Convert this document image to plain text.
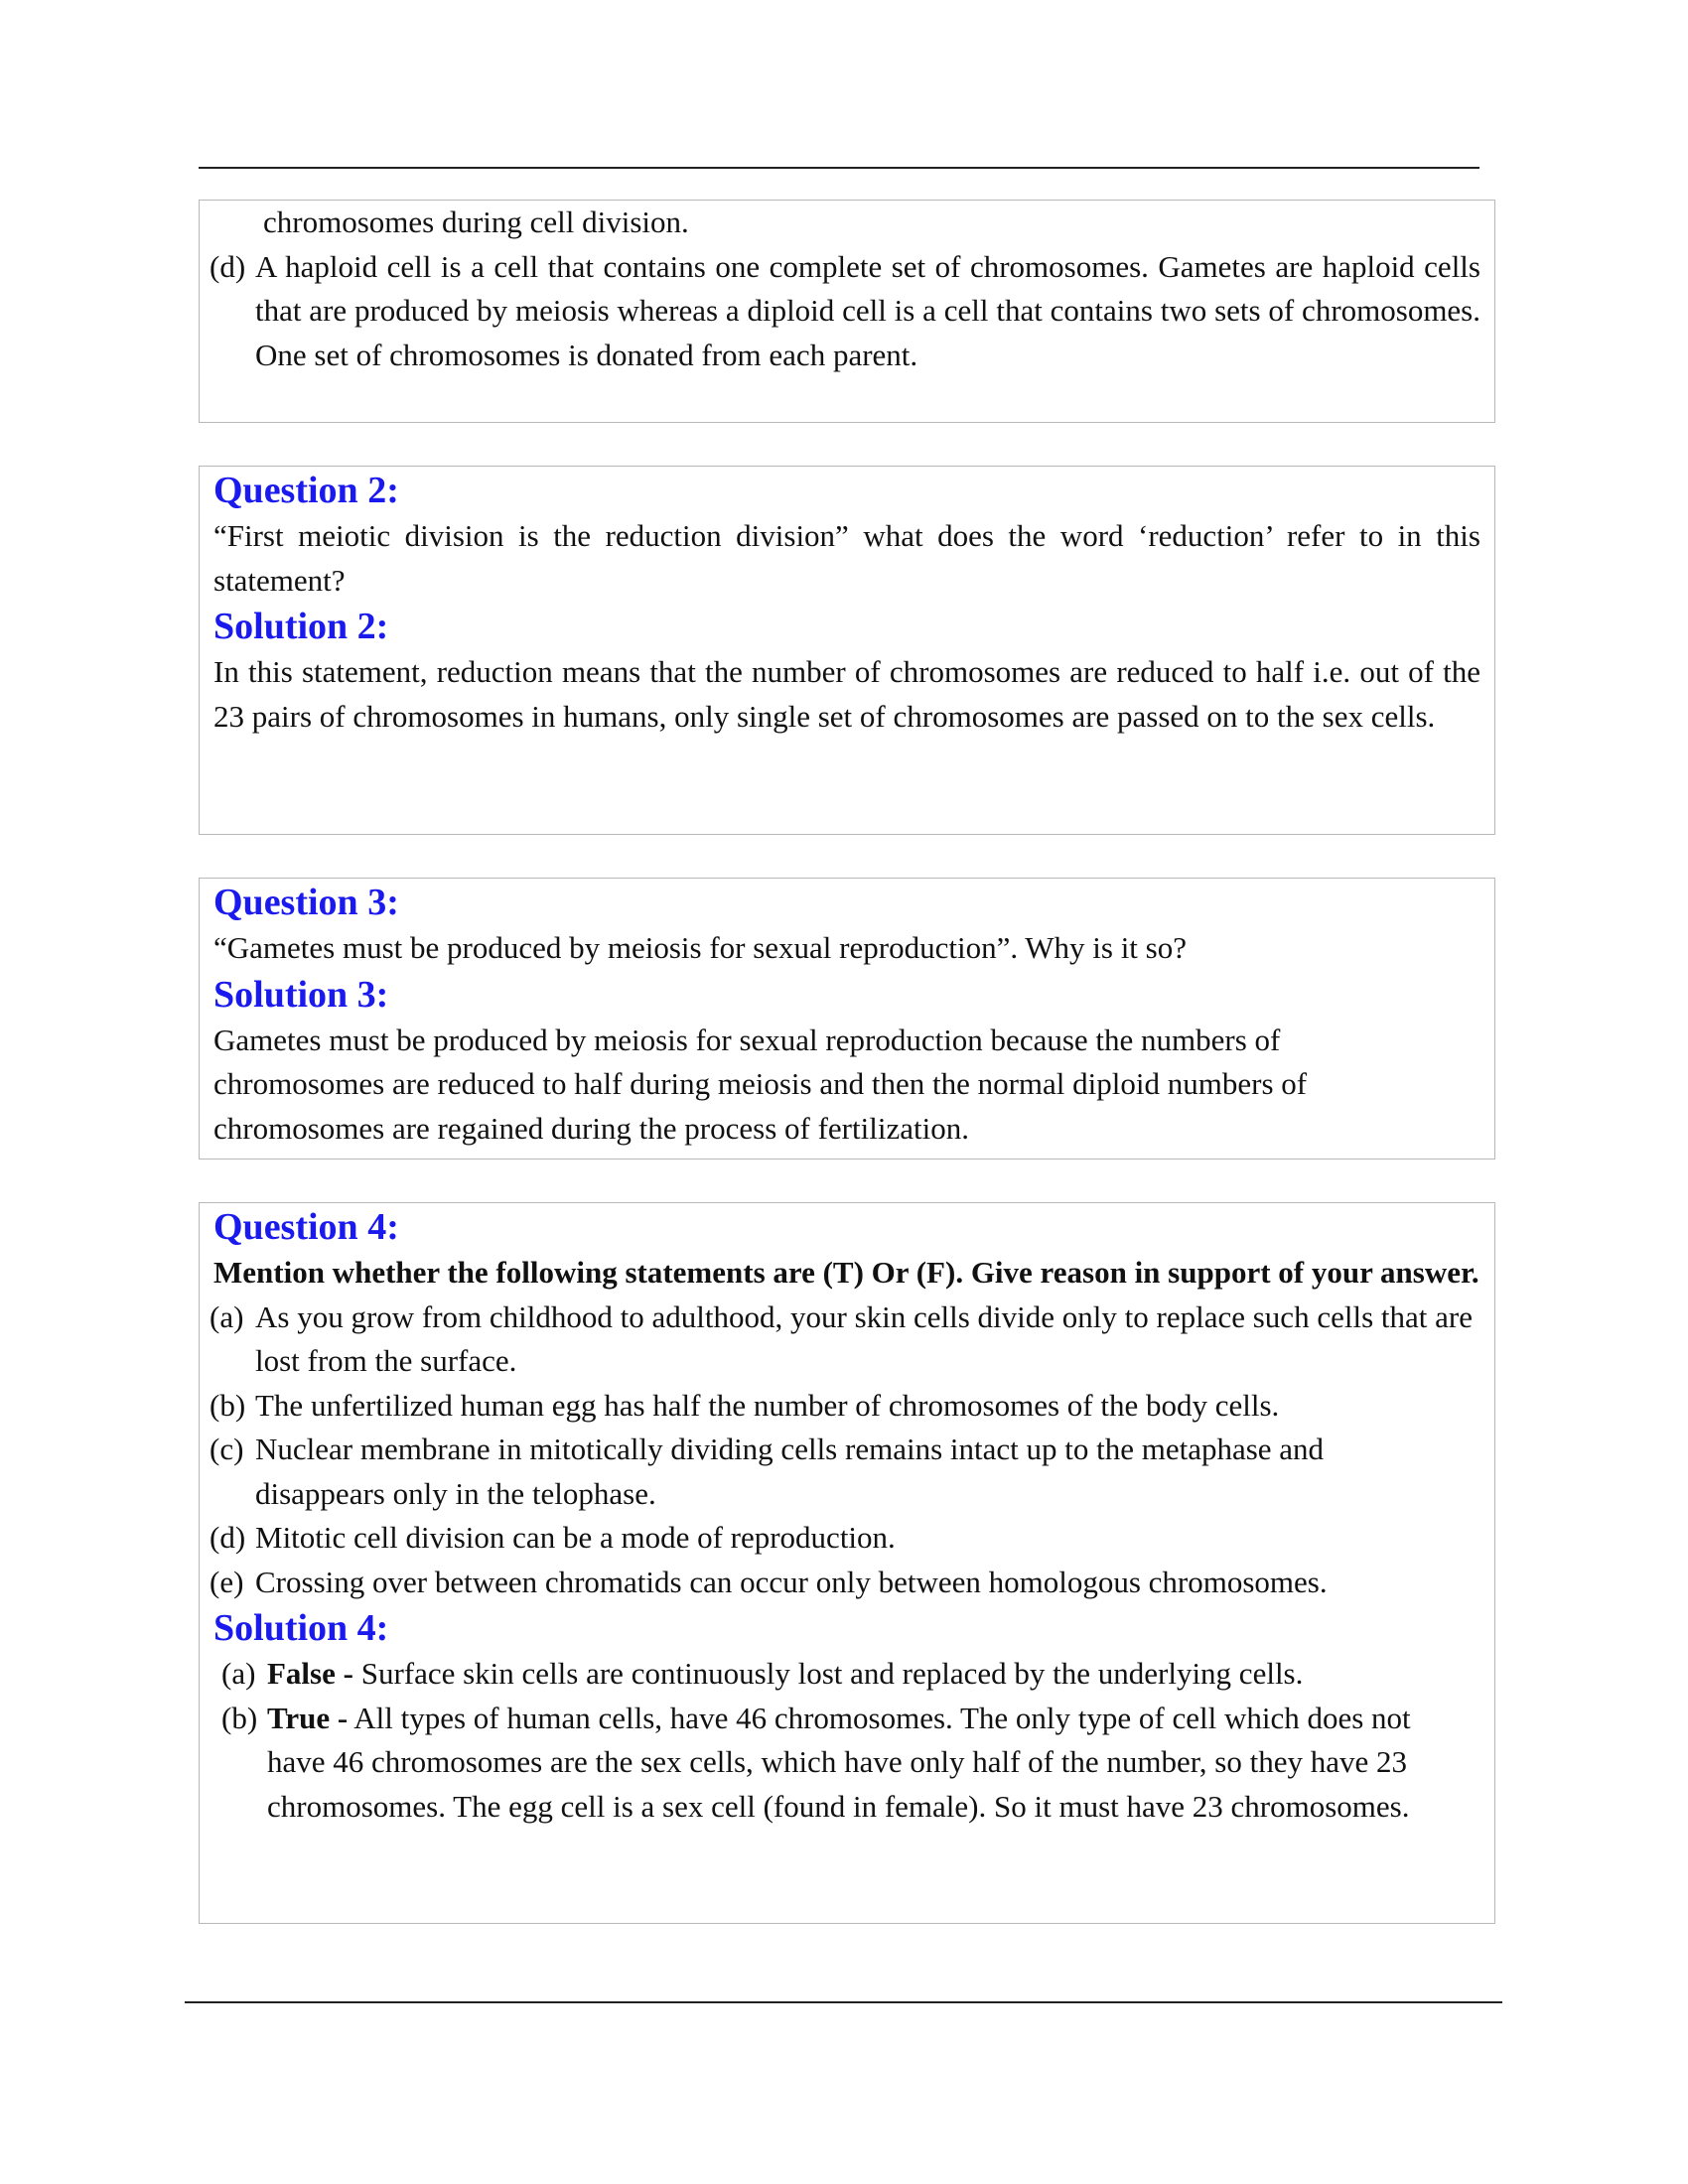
chromosomes during cell division.
(d) A haploid cell is a cell that contains one complete set of chromosomes. Gametes are haploid cells that are produced by meiosis whereas a diploid cell is a cell that contains two sets of chromosomes. One set of chromosomes is donated from each parent.
Question 2:
“First meiotic division is the reduction division” what does the word ‘reduction’ refer to in this statement?
Solution 2:
In this statement, reduction means that the number of chromosomes are reduced to half i.e. out of the 23 pairs of chromosomes in humans, only single set of chromosomes are passed on to the sex cells.
Question 3:
“Gametes must be produced by meiosis for sexual reproduction”. Why is it so?
Solution 3:
Gametes must be produced by meiosis for sexual reproduction because the numbers of chromosomes are reduced to half during meiosis and then the normal diploid numbers of chromosomes are regained during the process of fertilization.
Question 4:
Mention whether the following statements are (T) Or (F). Give reason in support of your answer.
(a) As you grow from childhood to adulthood, your skin cells divide only to replace such cells that are lost from the surface.
(b) The unfertilized human egg has half the number of chromosomes of the body cells.
(c) Nuclear membrane in mitotically dividing cells remains intact up to the metaphase and disappears only in the telophase.
(d) Mitotic cell division can be a mode of reproduction.
(e) Crossing over between chromatids can occur only between homologous chromosomes.
Solution 4:
(a) False - Surface skin cells are continuously lost and replaced by the underlying cells.
(b) True - All types of human cells, have 46 chromosomes. The only type of cell which does not have 46 chromosomes are the sex cells, which have only half of the number, so they have 23 chromosomes. The egg cell is a sex cell (found in female). So it must have 23 chromosomes.
